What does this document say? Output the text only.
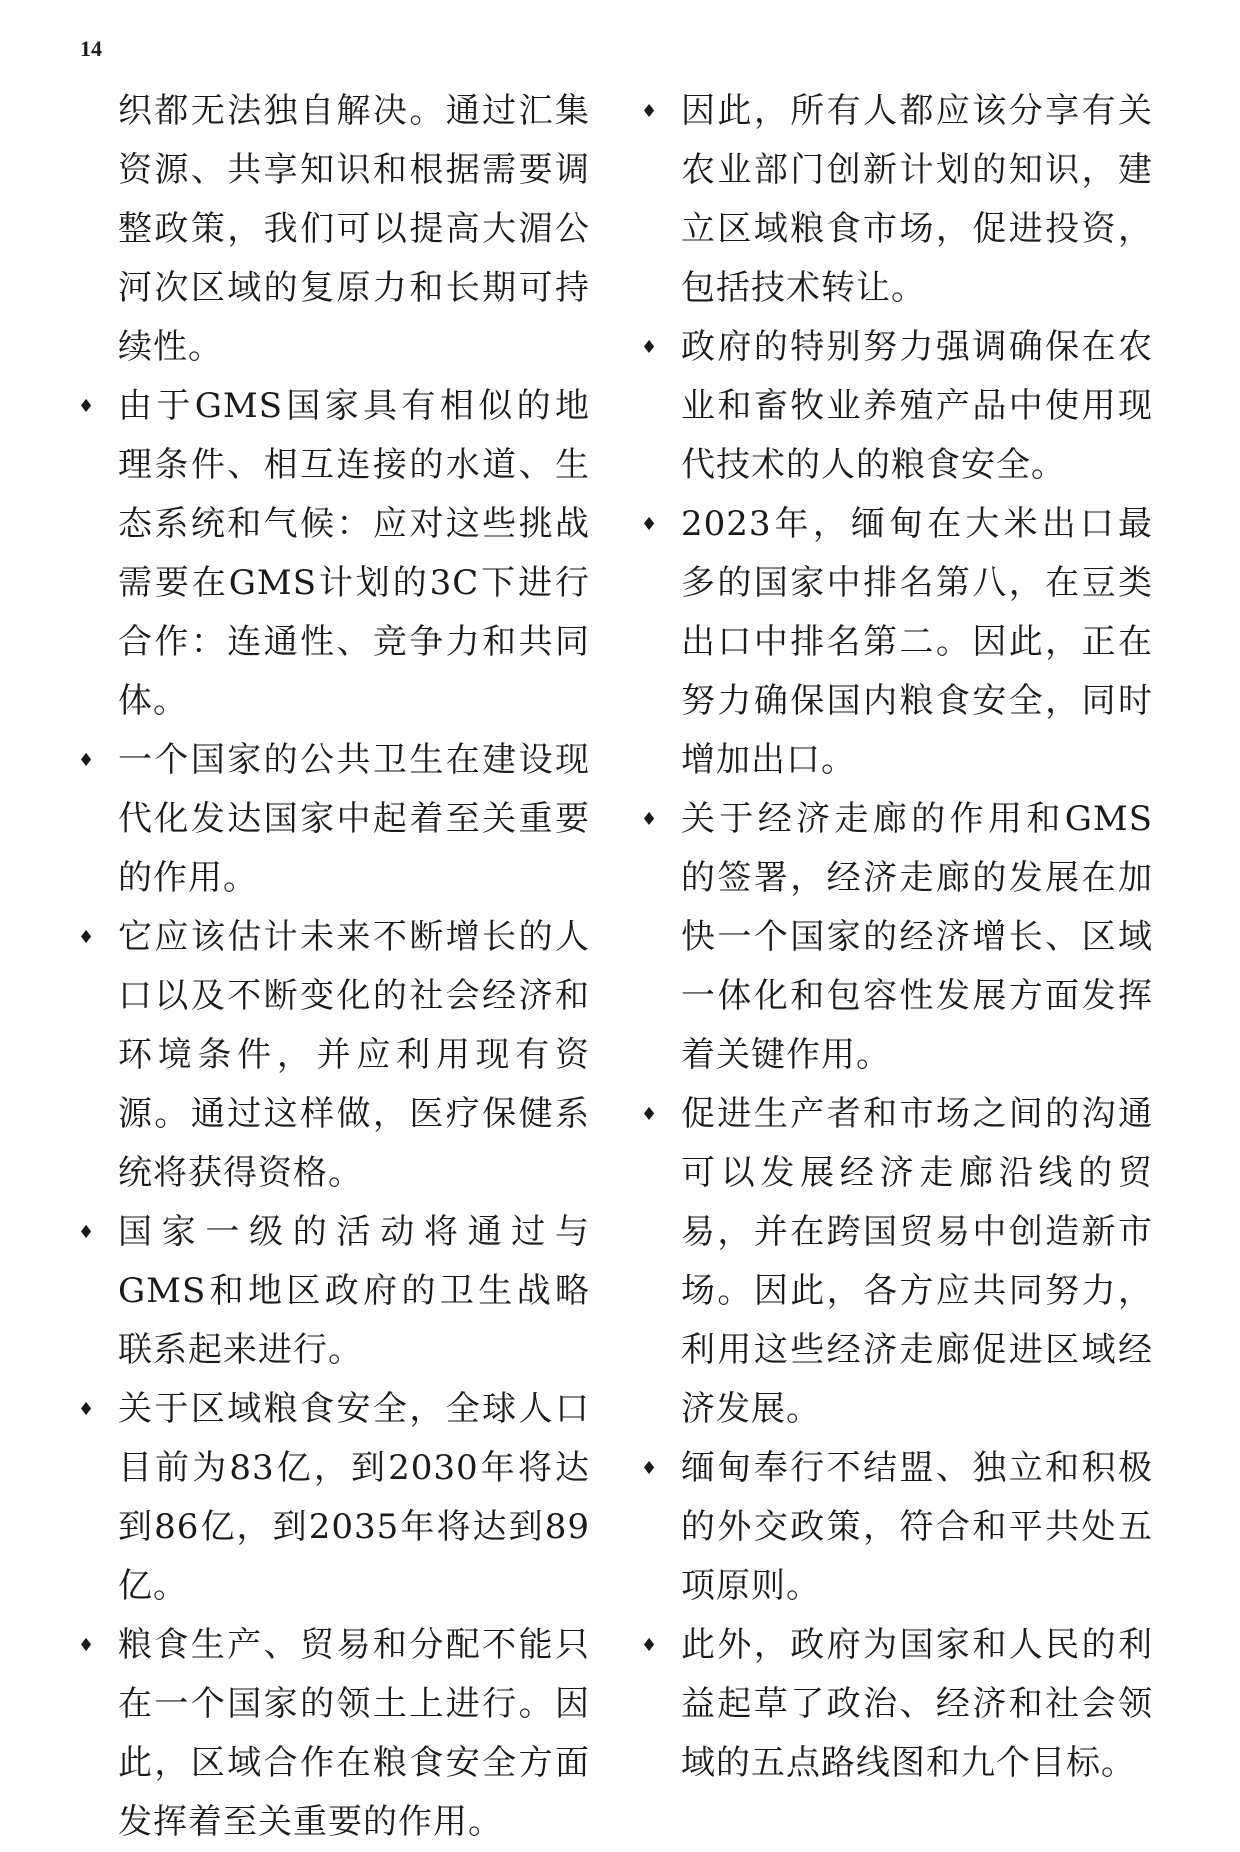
14
织都无法独自解决。通过汇集资源、共享知识和根据需要调整政策，我们可以提高大湄公河次区域的复原力和长期可持续性。
♦ 由于GMS国家具有相似的地理条件、相互连接的水道、生态系统和气候：应对这些挑战需要在GMS计划的3C下进行合作：连通性、竞争力和共同体。
♦ 一个国家的公共卫生在建设现代化发达国家中起着至关重要的作用。
♦ 它应该估计未来不断增长的人口以及不断变化的社会经济和环境条件，并应利用现有资源。通过这样做，医疗保健系统将获得资格。
♦ 国家一级的活动将通过与GMS和地区政府的卫生战略联系起来进行。
♦ 关于区域粮食安全，全球人口目前为83亿，到2030年将达到86亿，到2035年将达到89亿。
♦ 粮食生产、贸易和分配不能只在一个国家的领土上进行。因此，区域合作在粮食安全方面发挥着至关重要的作用。
♦ 因此，所有人都应该分享有关农业部门创新计划的知识，建立区域粮食市场，促进投资，包括技术转让。
♦ 政府的特别努力强调确保在农业和畜牧业养殖产品中使用现代技术的人的粮食安全。
♦ 2023年，缅甸在大米出口最多的国家中排名第八，在豆类出口中排名第二。因此，正在努力确保国内粮食安全，同时增加出口。
♦ 关于经济走廊的作用和GMS的签署，经济走廊的发展在加快一个国家的经济增长、区域一体化和包容性发展方面发挥着关键作用。
♦ 促进生产者和市场之间的沟通可以发展经济走廊沿线的贸易，并在跨国贸易中创造新市场。因此，各方应共同努力，利用这些经济走廊促进区域经济发展。
♦ 缅甸奉行不结盟、独立和积极的外交政策，符合和平共处五项原则。
♦ 此外，政府为国家和人民的利益起草了政治、经济和社会领域的五点路线图和九个目标。
